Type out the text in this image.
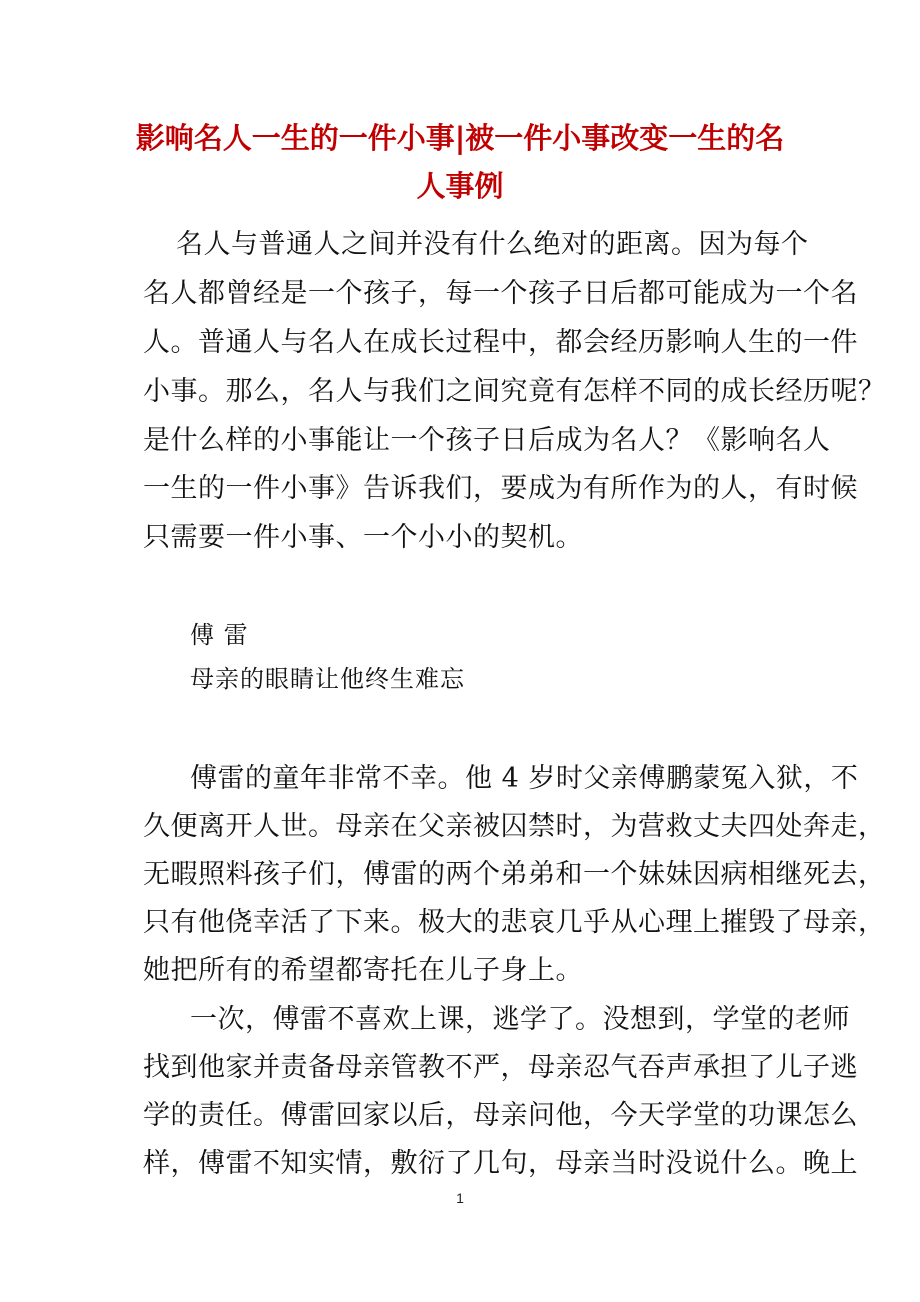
影响名人一生的一件小事|被一件小事改变一生的名
人事例
名人与普通人之间并没有什么绝对的距离。因为每个
名人都曾经是一个孩子，每一个孩子日后都可能成为一个名
人。普通人与名人在成长过程中，都会经历影响人生的一件
小事。那么，名人与我们之间究竟有怎样不同的成长经历呢？
是什么样的小事能让一个孩子日后成为名人？《影响名人
一生的一件小事》告诉我们，要成为有所作为的人，有时候
只需要一件小事、一个小小的契机。
傅 雷
母亲的眼睛让他终生难忘
傅雷的童年非常不幸。他 4 岁时父亲傅鹏蒙冤入狱，不
久便离开人世。母亲在父亲被囚禁时，为营救丈夫四处奔走，
无暇照料孩子们，傅雷的两个弟弟和一个妹妹因病相继死去，
只有他侥幸活了下来。极大的悲哀几乎从心理上摧毁了母亲，
她把所有的希望都寄托在儿子身上。
一次，傅雷不喜欢上课，逃学了。没想到，学堂的老师
找到他家并责备母亲管教不严，母亲忍气吞声承担了儿子逃
学的责任。傅雷回家以后，母亲问他，今天学堂的功课怎么
样，傅雷不知实情，敷衍了几句，母亲当时没说什么。晚上
1
